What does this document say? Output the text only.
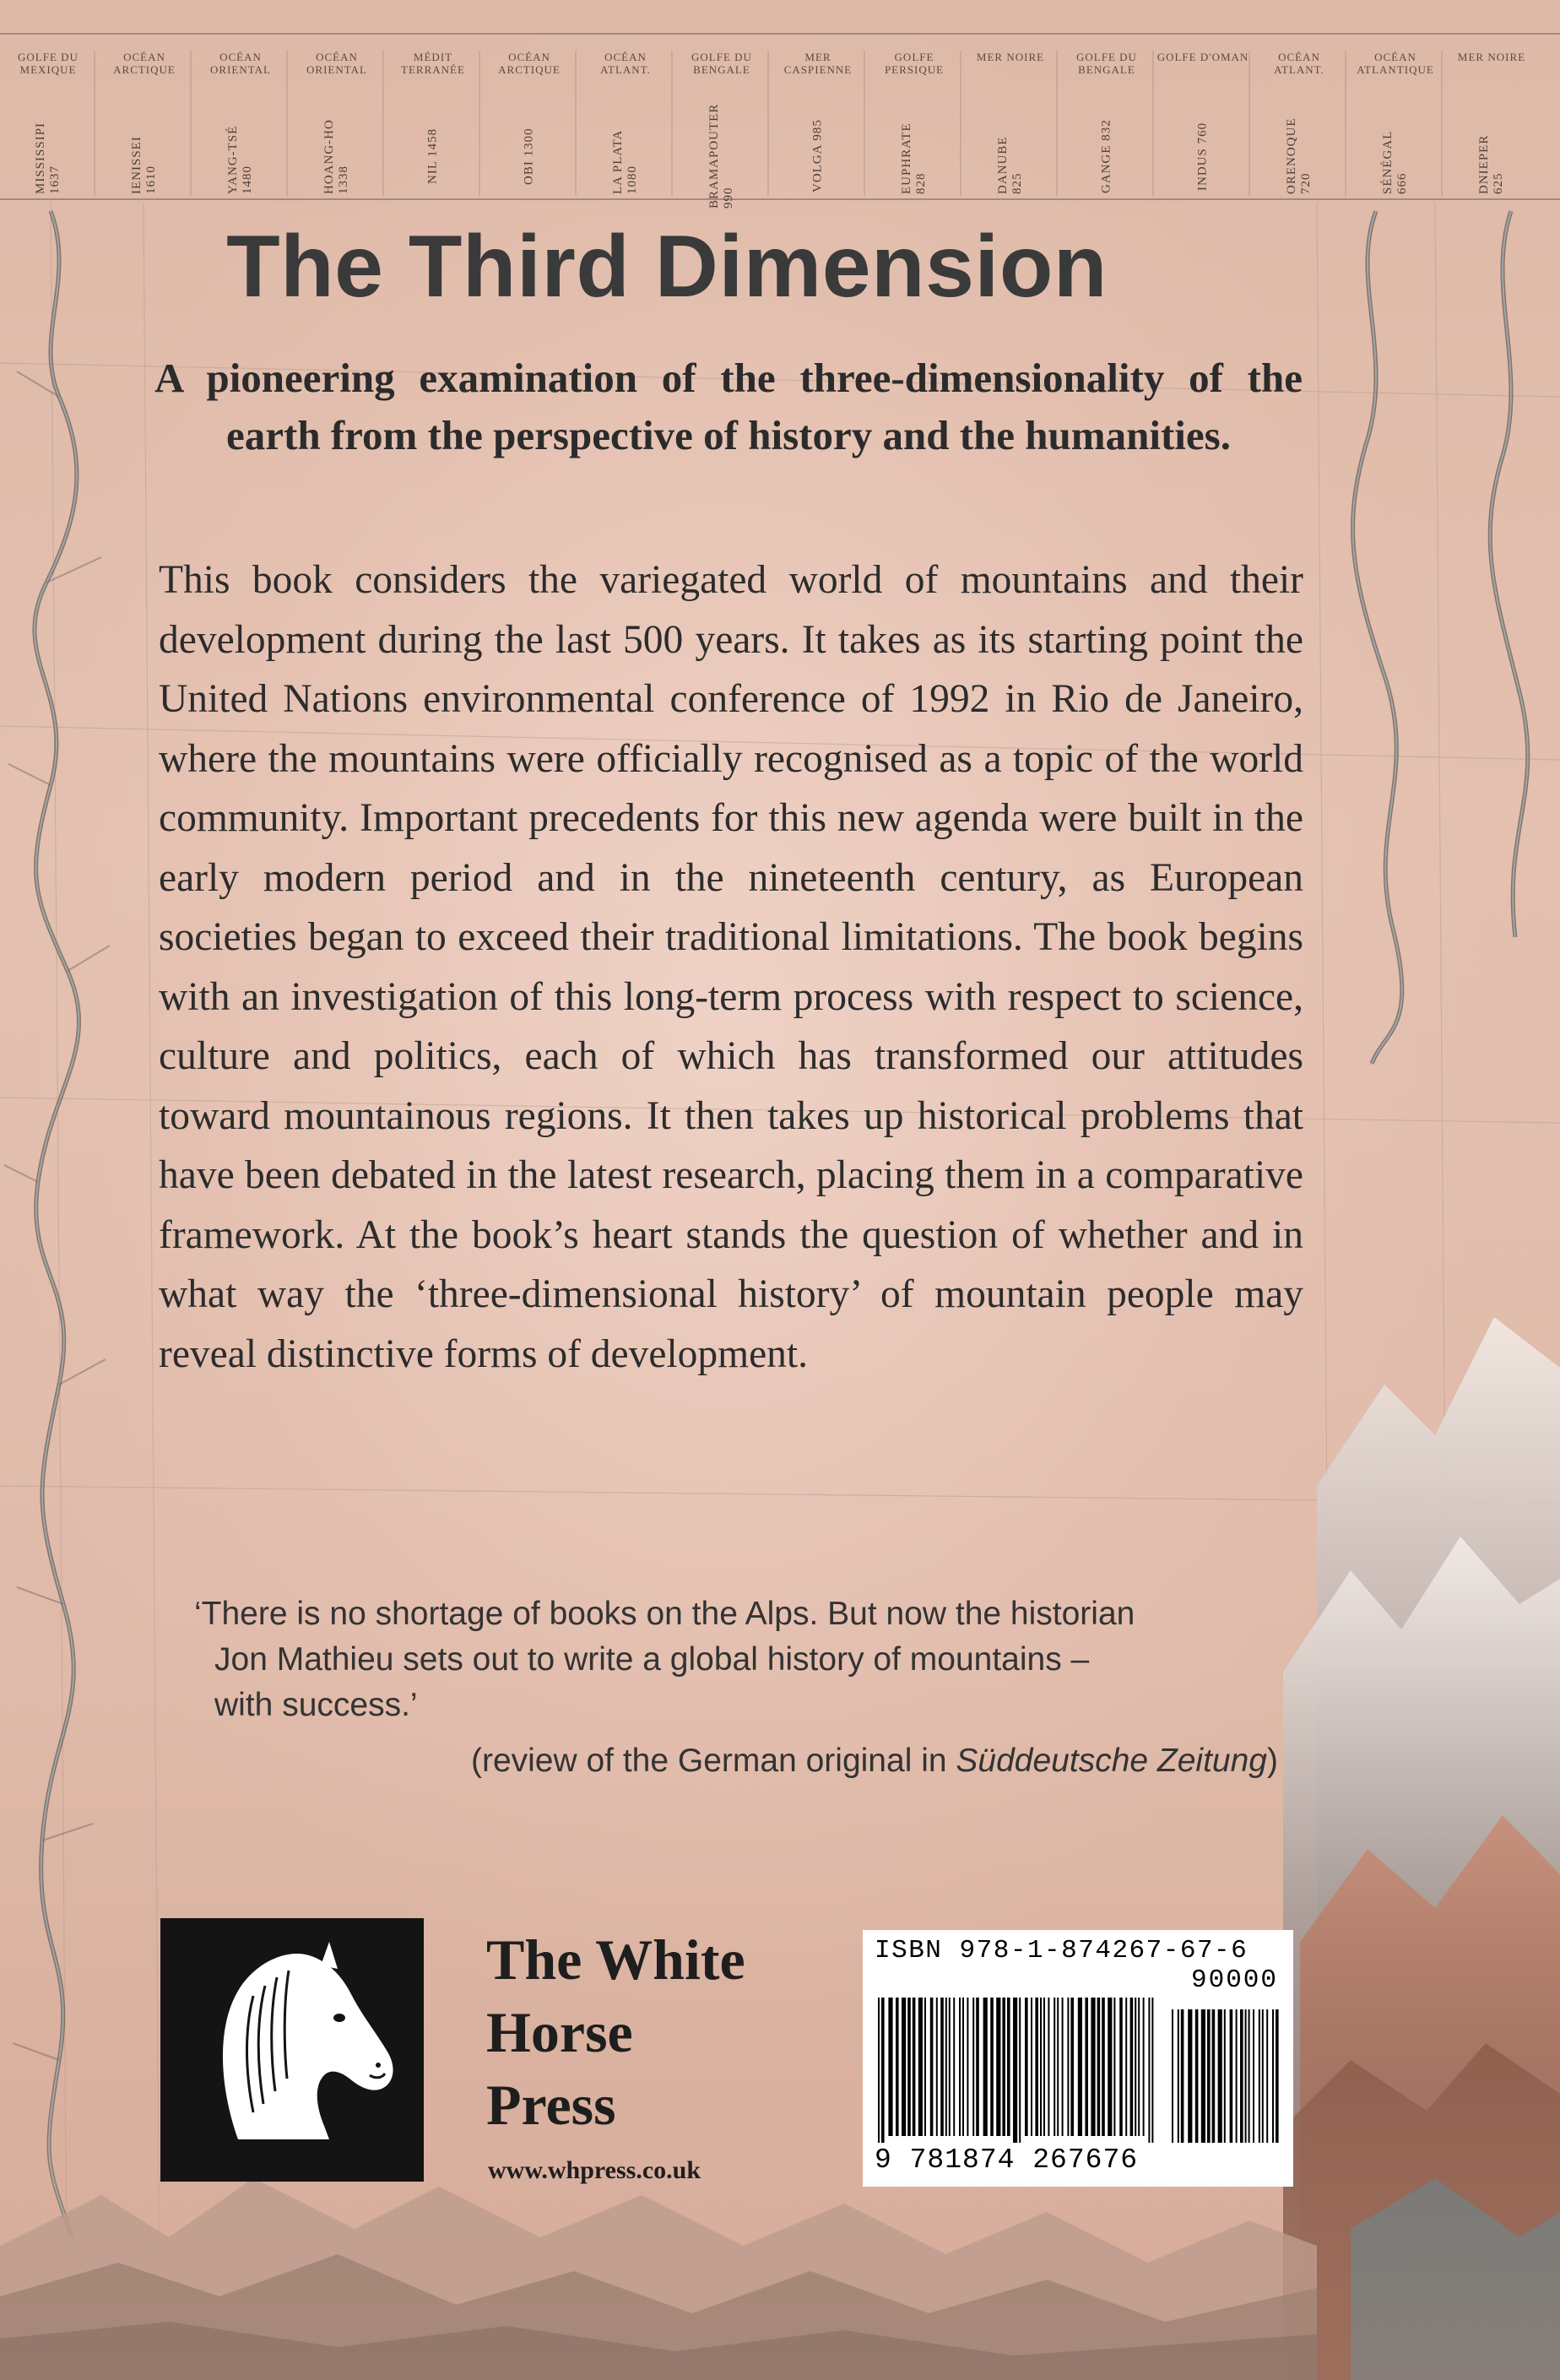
GOLFE DU MEXIQUE
MISSISSIPI 1637
OCÉAN ARCTIQUE
IENISSEI 1610
OCÉAN ORIENTAL
YANG-TSÉ 1480
OCÉAN ORIENTAL
HOANG-HO 1338
MÉDIT TERRANÉE
NIL 1458
OCÉAN ARCTIQUE
OBI 1300
OCÉAN ATLANT.
LA PLATA 1080
GOLFE DU BENGALE
BRAMAPOUTER 990
MER CASPIENNE
VOLGA 985
GOLFE PERSIQUE
EUPHRATE 828
MER NOIRE
DANUBE 825
GOLFE DU BENGALE
GANGE 832
GOLFE D'OMAN
INDUS 760
OCÉAN ATLANT.
ORENOQUE 720
OCÉAN ATLANTIQUE
SÉNÉGAL 666
MER NOIRE
DNIEPER 625
The Third Dimension

A pioneering examination of the three-dimensionality of the earth from the perspective of history and the humanities.

This book considers the variegated world of mountains and their development during the last 500 years. It takes as its starting point the United Nations environmental conference of 1992 in Rio de Janeiro, where the mountains were officially recognised as a topic of the world community. Important precedents for this new agenda were built in the early modern period and in the nineteenth century, as European societies began to exceed their traditional limitations. The book begins with an investigation of this long-term process with respect to science, culture and politics, each of which has transformed our attitudes toward mountainous regions. It then takes up historical problems that have been debated in the latest research, placing them in a comparative framework. At the book’s heart stands the question of whether and in what way the ‘three-dimensional history’ of mountain people may reveal distinctive forms of development.

‘There is no shortage of books on the Alps. But now the historian
Jon Mathieu sets out to write a global history of mountains –
with success.’

(review of the German original in Süddeutsche Zeitung)

The White
Horse
Press
www.whpress.co.uk
ISBN 978-1-874267-67-6
90000
9 781874 267676
